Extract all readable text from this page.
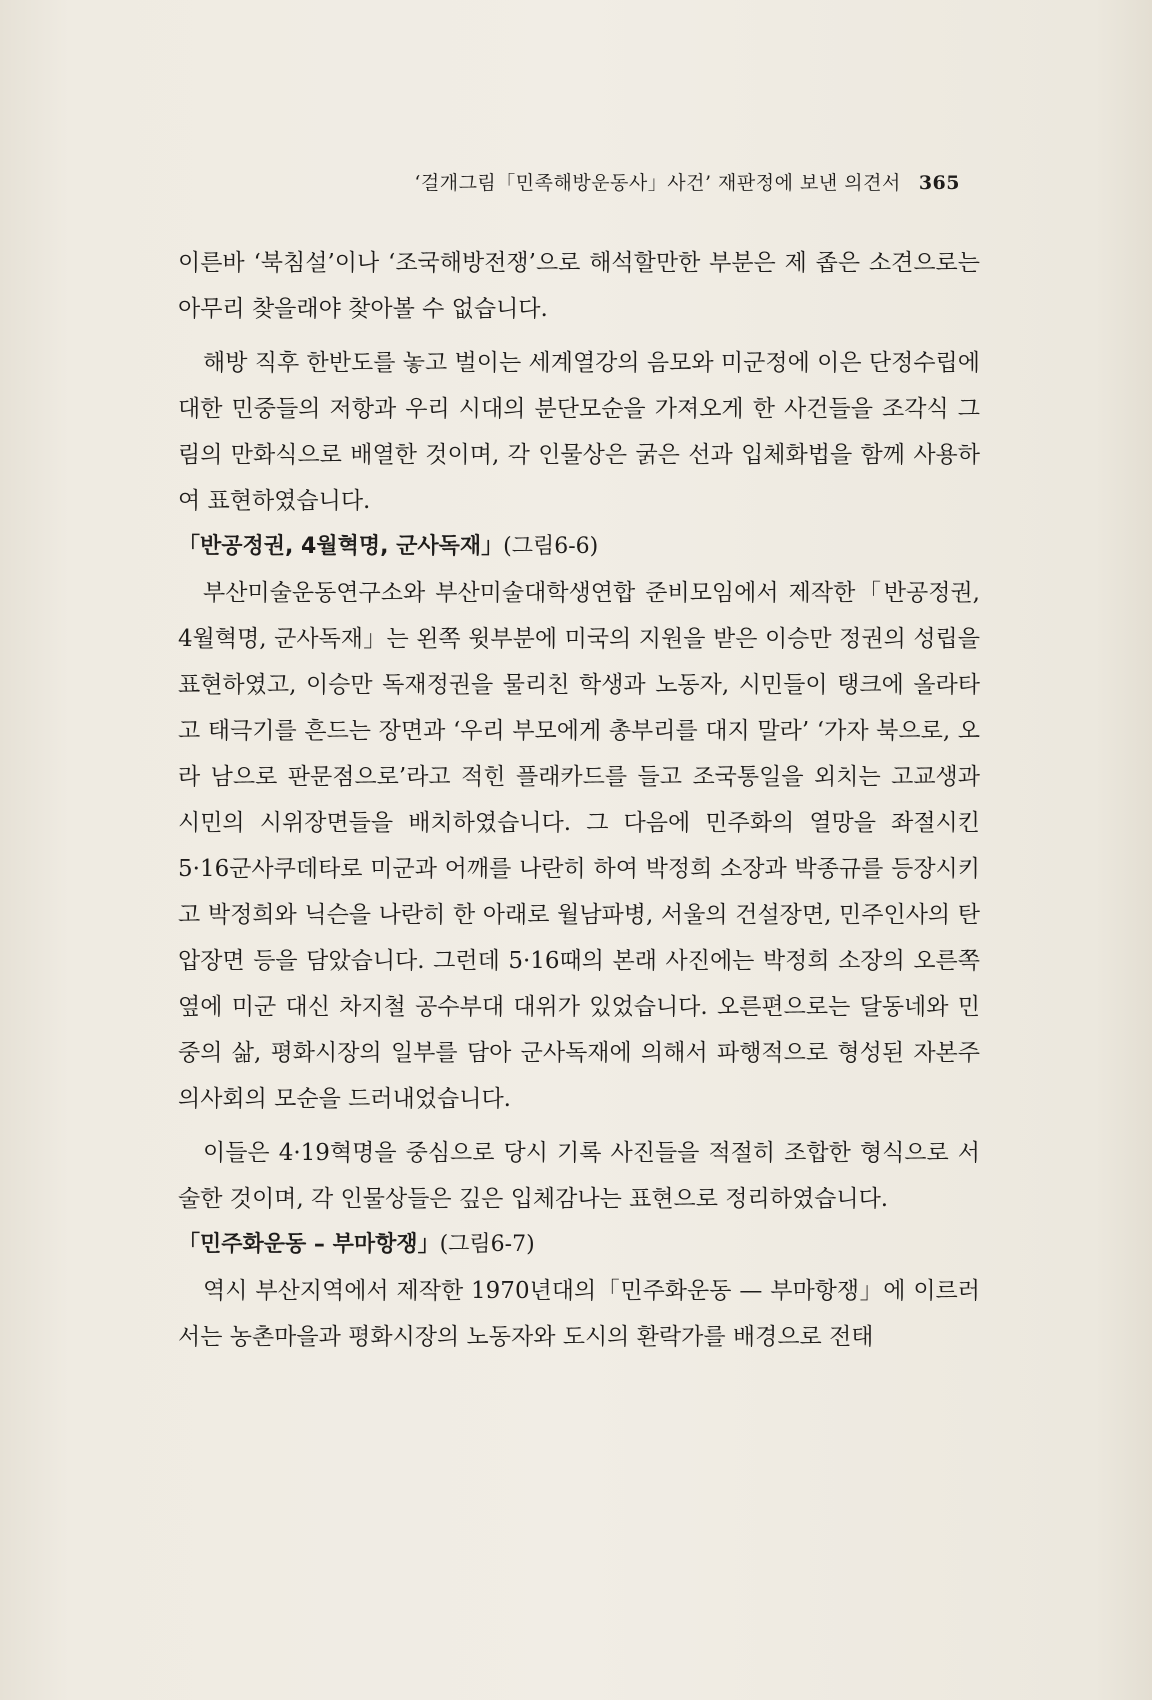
‘걸개그림「민족해방운동사」사건’ 재판정에 보낸 의견서 365

이른바 ‘북침설’이나 ‘조국해방전쟁’으로 해석할만한 부분은 제 좁은 소견으로는 아무리 찾을래야 찾아볼 수 없습니다.

해방 직후 한반도를 놓고 벌이는 세계열강의 음모와 미군정에 이은 단정수립에 대한 민중들의 저항과 우리 시대의 분단모순을 가져오게 한 사건들을 조각식 그림의 만화식으로 배열한 것이며, 각 인물상은 굵은 선과 입체화법을 함께 사용하여 표현하였습니다.

「반공정권, 4월혁명, 군사독재」(그림6-6)

부산미술운동연구소와 부산미술대학생연합 준비모임에서 제작한「반공정권, 4월혁명, 군사독재」는 왼쪽 윗부분에 미국의 지원을 받은 이승만 정권의 성립을 표현하였고, 이승만 독재정권을 물리친 학생과 노동자, 시민들이 탱크에 올라타고 태극기를 흔드는 장면과 ‘우리 부모에게 총부리를 대지 말라’ ‘가자 북으로, 오라 남으로 판문점으로’라고 적힌 플래카드를 들고 조국통일을 외치는 고교생과 시민의 시위장면들을 배치하였습니다. 그 다음에 민주화의 열망을 좌절시킨 5·16군사쿠데타로 미군과 어깨를 나란히 하여 박정희 소장과 박종규를 등장시키고 박정희와 닉슨을 나란히 한 아래로 월남파병, 서울의 건설장면, 민주인사의 탄압장면 등을 담았습니다. 그런데 5·16때의 본래 사진에는 박정희 소장의 오른쪽 옆에 미군 대신 차지철 공수부대 대위가 있었습니다. 오른편으로는 달동네와 민중의 삶, 평화시장의 일부를 담아 군사독재에 의해서 파행적으로 형성된 자본주의사회의 모순을 드러내었습니다.

이들은 4·19혁명을 중심으로 당시 기록 사진들을 적절히 조합한 형식으로 서술한 것이며, 각 인물상들은 깊은 입체감나는 표현으로 정리하였습니다.

「민주화운동 – 부마항쟁」(그림6-7)

역시 부산지역에서 제작한 1970년대의「민주화운동 — 부마항쟁」에 이르러서는 농촌마을과 평화시장의 노동자와 도시의 환락가를 배경으로 전태
